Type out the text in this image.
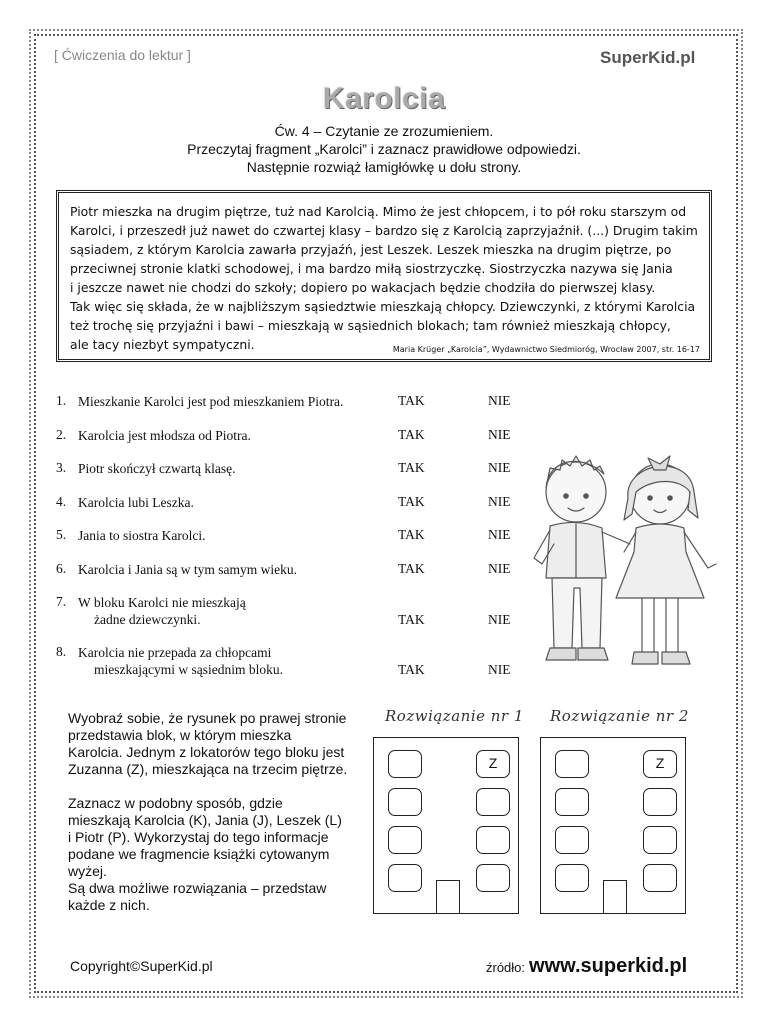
[ Ćwiczenia do lektur ]	SuperKid.pl
Karolcia
Ćw. 4 – Czytanie ze zrozumieniem.
Przeczytaj fragment „Karolci” i zaznacz prawidłowe odpowiedzi.
Następnie rozwiąż łamigłówkę u dołu strony.
Piotr mieszka na drugim piętrze, tuż nad Karolcią. Mimo że jest chłopcem, i to pół roku starszym od
Karolci, i przeszedł już nawet do czwartej klasy – bardzo się z Karolcią zaprzyjaźnił. (...) Drugim takim
sąsiadem, z którym Karolcia zawarła przyjaźń, jest Leszek. Leszek mieszka na drugim piętrze, po
przeciwnej stronie klatki schodowej, i ma bardzo miłą siostrzyczkę. Siostrzyczka nazywa się Jania
i jeszcze nawet nie chodzi do szkoły; dopiero po wakacjach będzie chodziła do pierwszej klasy.
Tak więc się składa, że w najbliższym sąsiedztwie mieszkają chłopcy. Dziewczynki, z którymi Karolcia
też trochę się przyjaźni i bawi – mieszkają w sąsiednich blokach; tam również mieszkają chłopcy,
ale tacy niezbyt sympatyczni.	Maria Krüger „Karolcia”, Wydawnictwo Siedmioróg, Wrocław 2007, str. 16-17
1. Mieszkanie Karolci jest pod mieszkaniem Piotra.	TAK	NIE
2. Karolcia jest młodsza od Piotra.	TAK	NIE
3. Piotr skończył czwartą klasę.	TAK	NIE
4. Karolcia lubi Leszka.	TAK	NIE
5. Jania to siostra Karolci.	TAK	NIE
6. Karolcia i Jania są w tym samym wieku.	TAK	NIE
7. W bloku Karolci nie mieszkają
żadne dziewczynki.	TAK	NIE
8. Karolcia nie przepada za chłopcami
mieszkającymi w sąsiednim bloku.	TAK	NIE

Wyobraź sobie, że rysunek po prawej stronie przedstawia blok, w którym mieszka Karolcia. Jednym z lokatorów tego bloku jest Zuzanna (Z), mieszkająca na trzecim piętrze.

Zaznacz w podobny sposób, gdzie mieszkają Karolcia (K), Jania (J), Leszek (L) i Piotr (P). Wykorzystaj do tego informacje podane we fragmencie książki cytowanym wyżej.
Są dwa możliwe rozwiązania – przedstaw każde z nich.
Rozwiązanie nr 1
Z
Rozwiązanie nr 2
Z
Copyright©SuperKid.pl	źródło: www.superkid.pl
